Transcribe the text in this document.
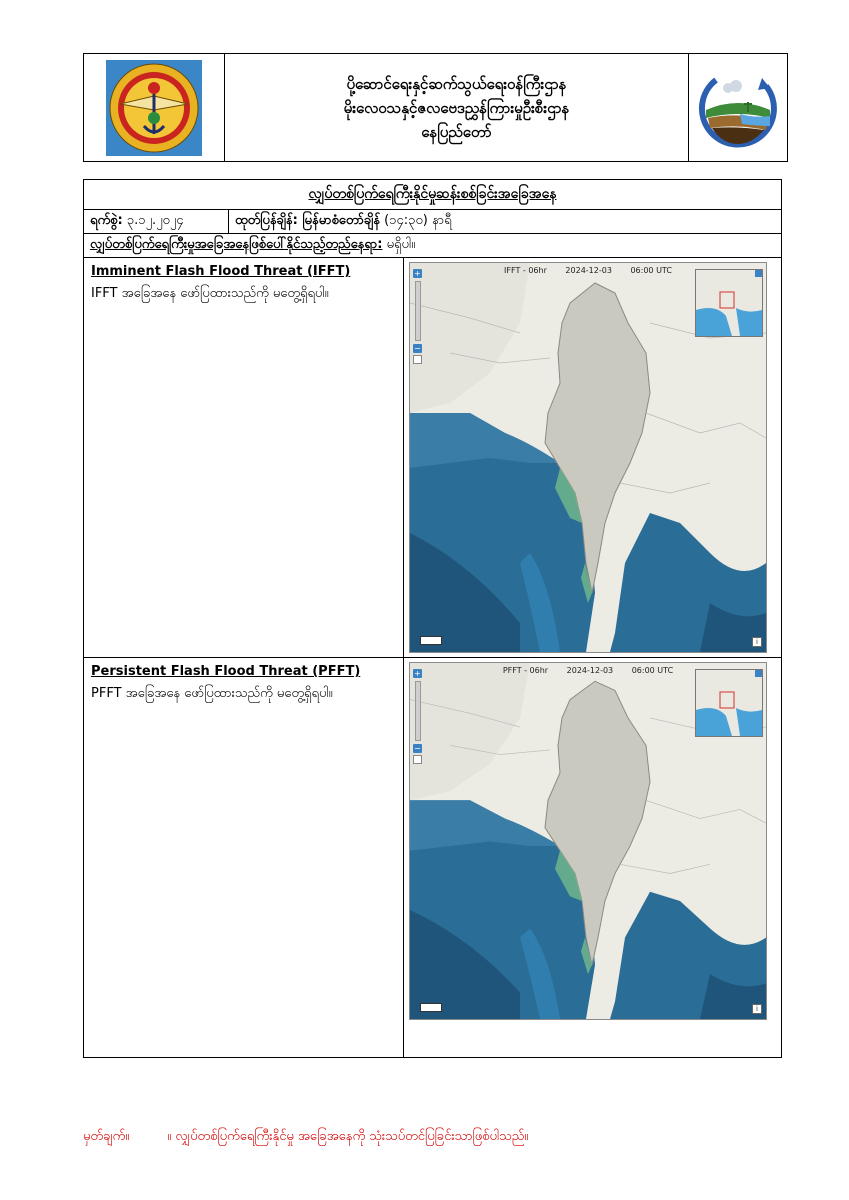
ပို့ဆောင်ရေးနှင့်ဆက်သွယ်ရေးဝန်ကြီးဌာန
မိုးလေဝသနှင့်ဇလဗေဒညွှန်ကြားမှုဦးစီးဌာန
နေပြည်တော်
လျှပ်တစ်ပြက်ရေကြီးနိုင်မှုဆန်းစစ်ခြင်းအခြေအနေ
ရက်စွဲ:
၃.၁၂.၂၀၂၄	ထုတ်ပြန်ချိန်: မြန်မာစံတော်ချိန်
(၁၄:၃၀) နာရီ
လျှပ်တစ်ပြက်ရေကြီးမှုအခြေအနေဖြစ်ပေါ်နိုင်သည့်တည်နေရာ:
မရှိပါ။
Imminent Flash Flood Threat (IFFT)

IFFT အခြေအနေ ဖော်ပြထားသည်ကို မတွေ့ရှိရပါ။

IFFT - 06hr 2024-12-03 06:00 UTC
+
−
i
Persistent Flash Flood Threat (PFFT)

PFFT အခြေအနေ ဖော်ပြထားသည်ကို မတွေ့ရှိရပါ။

PFFT - 06hr 2024-12-03 06:00 UTC
+
−
i
မှတ်ချက်။	။ လျှပ်တစ်ပြက်ရေကြီးနိုင်မှု အခြေအနေကို သုံးသပ်တင်ပြခြင်းသာဖြစ်ပါသည်။
